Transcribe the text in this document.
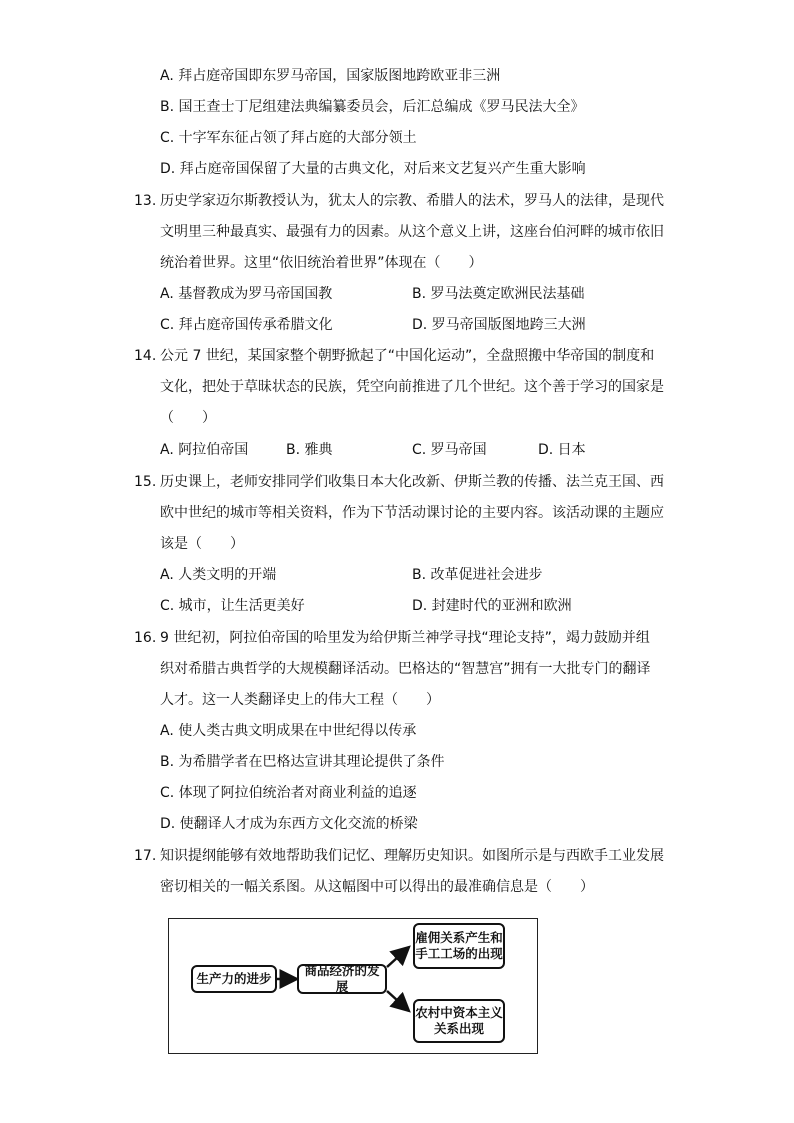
A. 拜占庭帝国即东罗马帝国，国家版图地跨欧亚非三洲
B. 国王查士丁尼组建法典编纂委员会，后汇总编成《罗马民法大全》
C. 十字军东征占领了拜占庭的大部分领土
D. 拜占庭帝国保留了大量的古典文化，对后来文艺复兴产生重大影响
13. 历史学家迈尔斯教授认为，犹太人的宗教、希腊人的法术，罗马人的法律，是现代
文明里三种最真实、最强有力的因素。从这个意义上讲，这座台伯河畔的城市依旧
统治着世界。这里“依旧统治着世界”体现在（　　）
A. 基督教成为罗马帝国国教	B. 罗马法奠定欧洲民法基础
C. 拜占庭帝国传承希腊文化	D. 罗马帝国版图地跨三大洲
14. 公元 7 世纪，某国家整个朝野掀起了“中国化运动”，全盘照搬中华帝国的制度和
文化，把处于草昧状态的民族，凭空向前推进了几个世纪。这个善于学习的国家是
（　　）
A. 阿拉伯帝国	B. 雅典	C. 罗马帝国	D. 日本
15. 历史课上，老师安排同学们收集日本大化改新、伊斯兰教的传播、法兰克王国、西
欧中世纪的城市等相关资料，作为下节活动课讨论的主要内容。该活动课的主题应
该是（　　）
A. 人类文明的开端	B. 改革促进社会进步
C. 城市，让生活更美好	D. 封建时代的亚洲和欧洲
16. 9 世纪初，阿拉伯帝国的哈里发为给伊斯兰神学寻找“理论支持”，竭力鼓励并组
织对希腊古典哲学的大规模翻译活动。巴格达的“智慧宫”拥有一大批专门的翻译
人才。这一人类翻译史上的伟大工程（　　）
A. 使人类古典文明成果在中世纪得以传承
B. 为希腊学者在巴格达宣讲其理论提供了条件
C. 体现了阿拉伯统治者对商业利益的追逐
D. 使翻译人才成为东西方文化交流的桥梁
17. 知识提纲能够有效地帮助我们记忆、理解历史知识。如图所示是与西欧手工业发展
密切相关的一幅关系图。从这幅图中可以得出的最准确信息是（　　）
生产力的进步
商品经济的发展
雇佣关系产生和
手工工场的出现
农村中资本主义
关系出现
